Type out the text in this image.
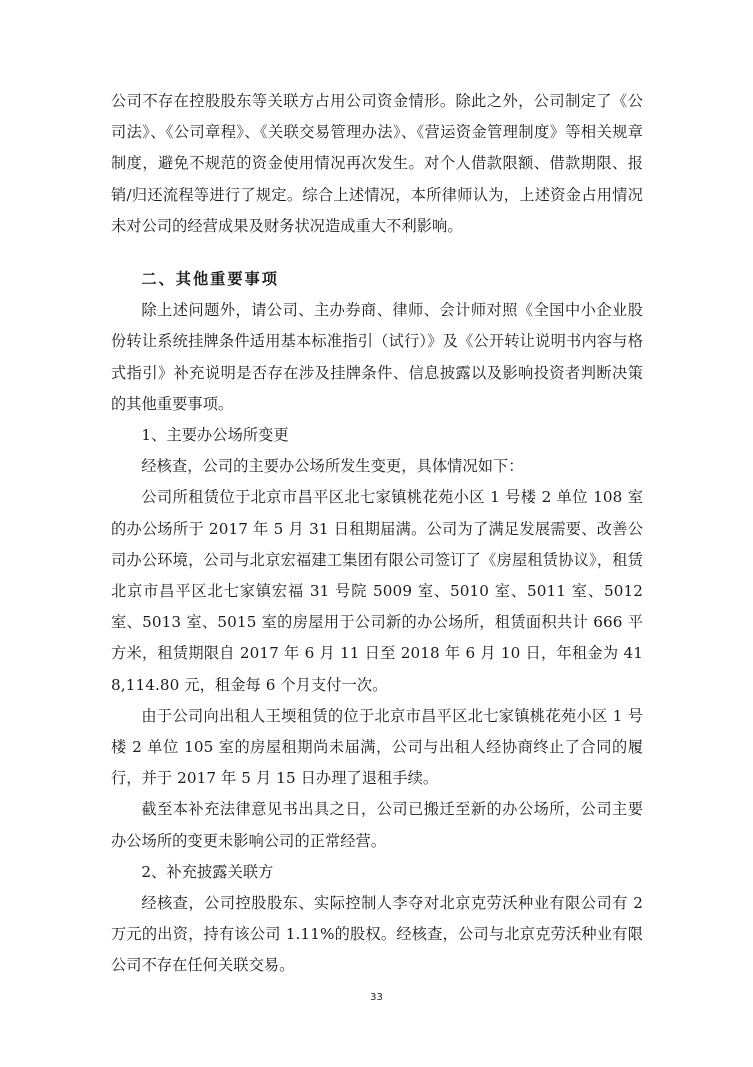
公司不存在控股股东等关联方占用公司资金情形。除此之外，公司制定了《公司法》、《公司章程》、《关联交易管理办法》、《营运资金管理制度》等相关规章制度，避免不规范的资金使用情况再次发生。对个人借款限额、借款期限、报销/归还流程等进行了规定。综合上述情况，本所律师认为，上述资金占用情况未对公司的经营成果及财务状况造成重大不利影响。

二、其他重要事项

除上述问题外，请公司、主办券商、律师、会计师对照《全国中小企业股份转让系统挂牌条件适用基本标准指引（试行）》及《公开转让说明书内容与格式指引》补充说明是否存在涉及挂牌条件、信息披露以及影响投资者判断决策的其他重要事项。

1、主要办公场所变更

经核查，公司的主要办公场所发生变更，具体情况如下：

公司所租赁位于北京市昌平区北七家镇桃花苑小区 1 号楼 2 单位 108 室的办公场所于 2017 年 5 月 31 日租期届满。公司为了满足发展需要、改善公司办公环境，公司与北京宏福建工集团有限公司签订了《房屋租赁协议》，租赁北京市昌平区北七家镇宏福 31 号院 5009 室、5010 室、5011 室、5012 室、5013 室、5015 室的房屋用于公司新的办公场所，租赁面积共计 666 平方米，租赁期限自 2017 年 6 月 11 日至 2018 年 6 月 10 日，年租金为 418,114.80 元，租金每 6 个月支付一次。

由于公司向出租人王堧租赁的位于北京市昌平区北七家镇桃花苑小区 1 号楼 2 单位 105 室的房屋租期尚未届满，公司与出租人经协商终止了合同的履行，并于 2017 年 5 月 15 日办理了退租手续。

截至本补充法律意见书出具之日，公司已搬迁至新的办公场所，公司主要办公场所的变更未影响公司的正常经营。

2、补充披露关联方

经核查，公司控股股东、实际控制人李夺对北京克劳沃种业有限公司有 2 万元的出资，持有该公司 1.11%的股权。经核查，公司与北京克劳沃种业有限公司不存在任何关联交易。

33
